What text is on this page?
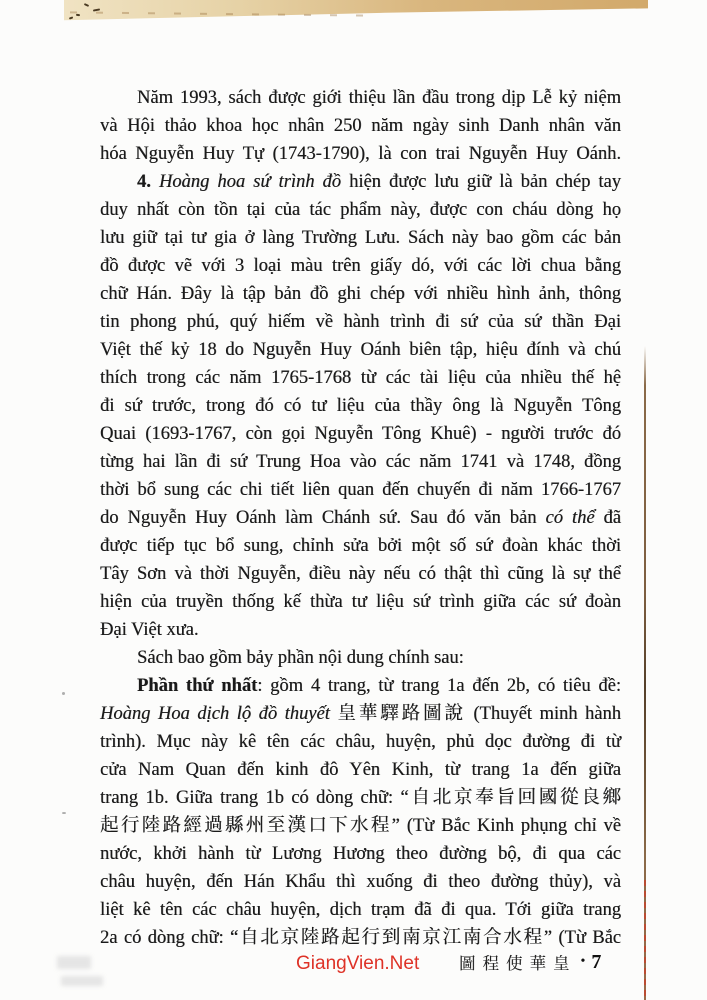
Năm 1993, sách được giới thiệu lần đầu trong dịp Lễ kỷ niệm
và Hội thảo khoa học nhân 250 năm ngày sinh Danh nhân văn
hóa Nguyễn Huy Tự (1743-1790), là con trai Nguyễn Huy Oánh.
4. Hoàng hoa sứ trình đồ hiện được lưu giữ là bản chép tay
duy nhất còn tồn tại của tác phẩm này, được con cháu dòng họ
lưu giữ tại tư gia ở làng Trường Lưu. Sách này bao gồm các bản
đồ được vẽ với 3 loại màu trên giấy dó, với các lời chua bằng
chữ Hán. Đây là tập bản đồ ghi chép với nhiều hình ảnh, thông
tin phong phú, quý hiếm về hành trình đi sứ của sứ thần Đại
Việt thế kỷ 18 do Nguyễn Huy Oánh biên tập, hiệu đính và chú
thích trong các năm 1765-1768 từ các tài liệu của nhiều thế hệ
đi sứ trước, trong đó có tư liệu của thầy ông là Nguyễn Tông
Quai (1693-1767, còn gọi Nguyễn Tông Khuê) - người trước đó
từng hai lần đi sứ Trung Hoa vào các năm 1741 và 1748, đồng
thời bổ sung các chi tiết liên quan đến chuyến đi năm 1766-1767
do Nguyễn Huy Oánh làm Chánh sứ. Sau đó văn bản có thể đã
được tiếp tục bổ sung, chỉnh sửa bởi một số sứ đoàn khác thời
Tây Sơn và thời Nguyễn, điều này nếu có thật thì cũng là sự thể
hiện của truyền thống kế thừa tư liệu sứ trình giữa các sứ đoàn
Đại Việt xưa.
Sách bao gồm bảy phần nội dung chính sau:
Phần thứ nhất: gồm 4 trang, từ trang 1a đến 2b, có tiêu đề:
Hoàng Hoa dịch lộ đồ thuyết 皇華驛路圖說 (Thuyết minh hành
trình). Mục này kê tên các châu, huyện, phủ dọc đường đi từ
cửa Nam Quan đến kinh đô Yên Kinh, từ trang 1a đến giữa
trang 1b. Giữa trang 1b có dòng chữ: “自北京奉旨回國從良鄉
起行陸路經過縣州至漢口下水程” (Từ Bắc Kinh phụng chỉ về
nước, khởi hành từ Lương Hương theo đường bộ, đi qua các
châu huyện, đến Hán Khẩu thì xuống đi theo đường thủy), và
liệt kê tên các châu huyện, dịch trạm đã đi qua. Tới giữa trang
2a có dòng chữ: “自北京陸路起行到南京江南合水程” (Từ Bắc
GiangVien.Net 圖程使華皇 • 7
